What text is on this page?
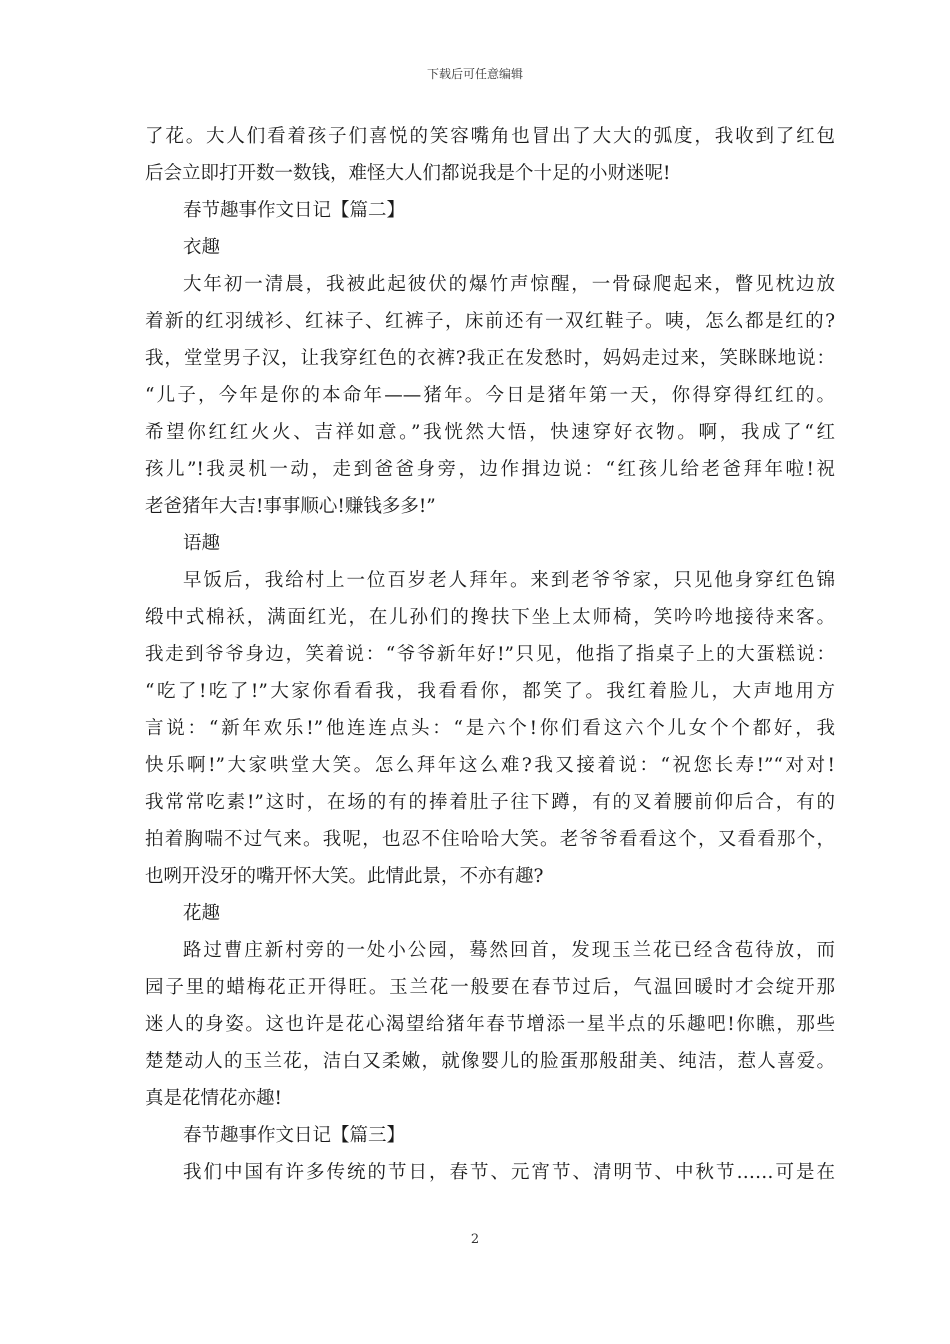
下载后可任意编辑
了花。大人们看着孩子们喜悦的笑容嘴角也冒出了大大的弧度，我收到了红包
后会立即打开数一数钱，难怪大人们都说我是个十足的小财迷呢!
春节趣事作文日记【篇二】
衣趣
大年初一清晨，我被此起彼伏的爆竹声惊醒，一骨碌爬起来，瞥见枕边放
着新的红羽绒衫、红袜子、红裤子，床前还有一双红鞋子。咦，怎么都是红的?
我，堂堂男子汉，让我穿红色的衣裤?我正在发愁时，妈妈走过来，笑眯眯地说：
“儿子，今年是你的本命年——猪年。今日是猪年第一天，你得穿得红红的。
希望你红红火火、吉祥如意。”我恍然大悟，快速穿好衣物。啊，我成了“红
孩儿”!我灵机一动，走到爸爸身旁，边作揖边说：“红孩儿给老爸拜年啦!祝
老爸猪年大吉!事事顺心!赚钱多多!”
语趣
早饭后，我给村上一位百岁老人拜年。来到老爷爷家，只见他身穿红色锦
缎中式棉袄，满面红光，在儿孙们的搀扶下坐上太师椅，笑吟吟地接待来客。
我走到爷爷身边，笑着说：“爷爷新年好!”只见，他指了指桌子上的大蛋糕说：
“吃了!吃了!”大家你看看我，我看看你，都笑了。我红着脸儿，大声地用方
言说：“新年欢乐!”他连连点头：“是六个!你们看这六个儿女个个都好，我
快乐啊!”大家哄堂大笑。怎么拜年这么难?我又接着说：“祝您长寿!”“对对!
我常常吃素!”这时，在场的有的捧着肚子往下蹲，有的叉着腰前仰后合，有的
拍着胸喘不过气来。我呢，也忍不住哈哈大笑。老爷爷看看这个，又看看那个，
也咧开没牙的嘴开怀大笑。此情此景，不亦有趣?
花趣
路过曹庄新村旁的一处小公园，蓦然回首，发现玉兰花已经含苞待放，而
园子里的蜡梅花正开得旺。玉兰花一般要在春节过后，气温回暖时才会绽开那
迷人的身姿。这也许是花心渴望给猪年春节增添一星半点的乐趣吧!你瞧，那些
楚楚动人的玉兰花，洁白又柔嫩，就像婴儿的脸蛋那般甜美、纯洁，惹人喜爱。
真是花情花亦趣!
春节趣事作文日记【篇三】
我们中国有许多传统的节日，春节、元宵节、清明节、中秋节……可是在
2
